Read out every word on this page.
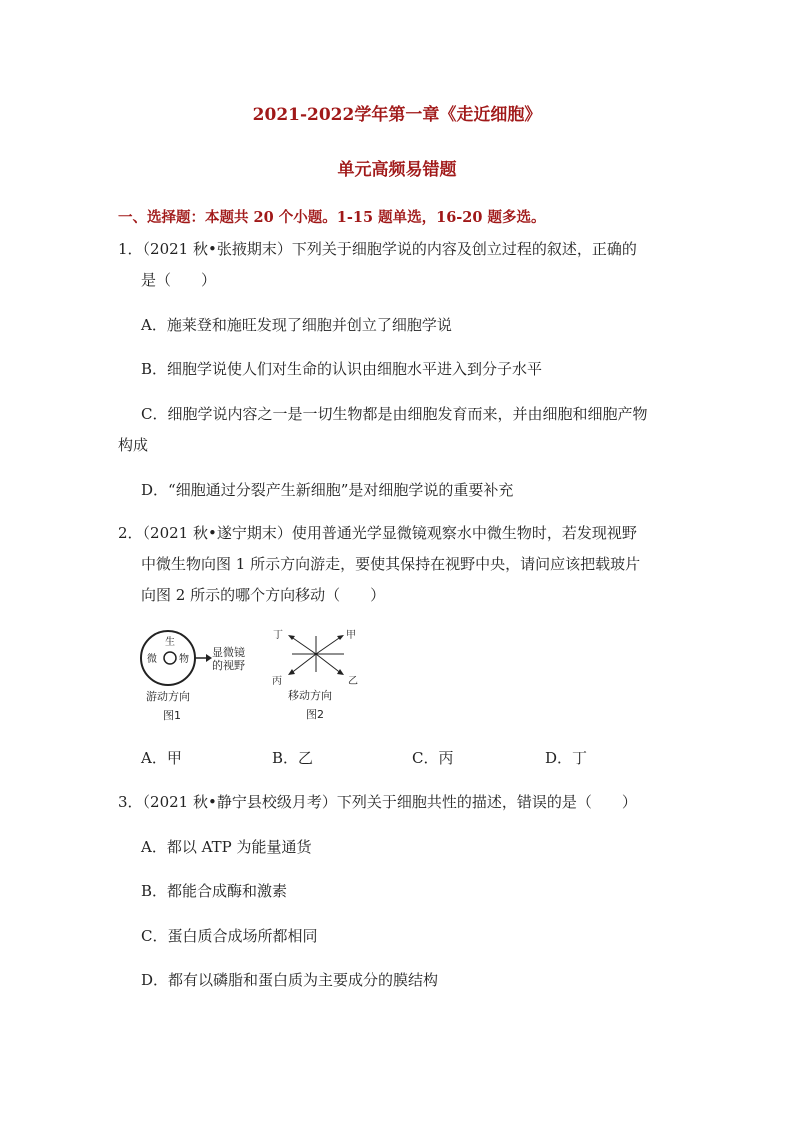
2021-2022学年第一章《走近细胞》
单元高频易错题
一、选择题：本题共 20 个小题。1-15 题单选，16-20 题多选。
1．（2021 秋•张掖期末）下列关于细胞学说的内容及创立过程的叙述，正确的
是（　　）
A．施莱登和施旺发现了细胞并创立了细胞学说
B．细胞学说使人们对生命的认识由细胞水平进入到分子水平
C．细胞学说内容之一是一切生物都是由细胞发育而来，并由细胞和细胞产物
构成
D．“细胞通过分裂产生新细胞”是对细胞学说的重要补充
2．（2021 秋•遂宁期末）使用普通光学显微镜观察水中微生物时，若发现视野
中微生物向图 1 所示方向游走，要使其保持在视野中央，请问应该把载玻片
向图 2 所示的哪个方向移动（　　）
生
微 物
显微镜
的视野
游动方向
图1
丁	甲
丙	乙
移动方向
图2
A．甲	B．乙	C．丙	D．丁
3．（2021 秋•静宁县校级月考）下列关于细胞共性的描述，错误的是（　　）
A．都以 ATP 为能量通货
B．都能合成酶和激素
C．蛋白质合成场所都相同
D．都有以磷脂和蛋白质为主要成分的膜结构
